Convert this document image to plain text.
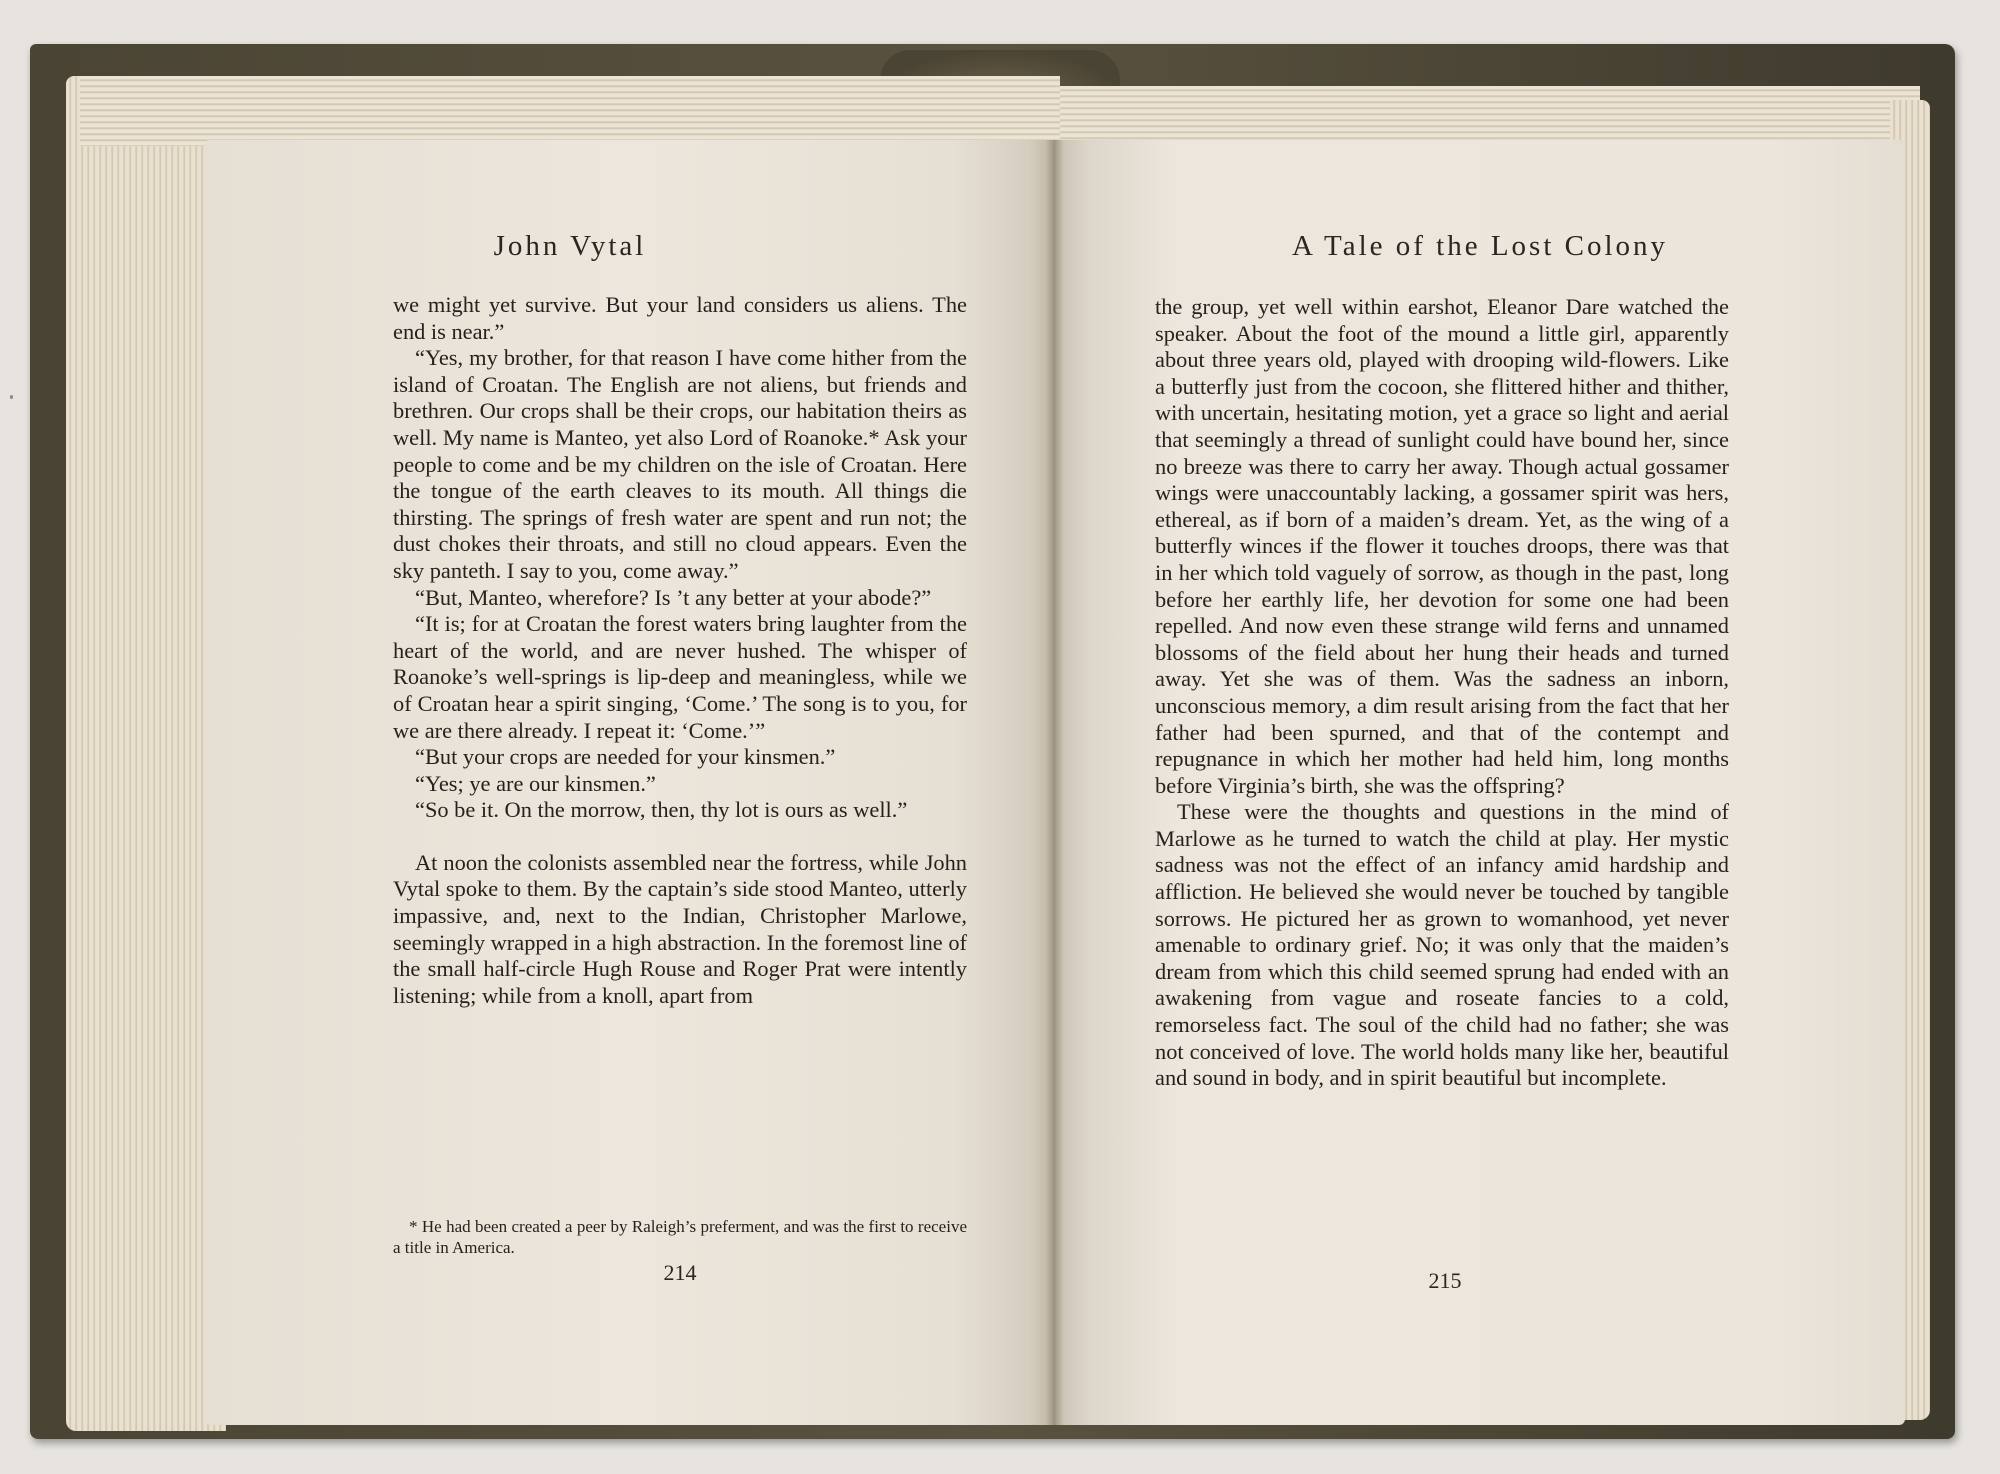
John Vytal

we might yet survive. But your land considers us aliens. The end is near.”

“Yes, my brother, for that reason I have come hither from the island of Croatan. The English are not aliens, but friends and brethren. Our crops shall be their crops, our habitation theirs as well. My name is Manteo, yet also Lord of Roanoke.* Ask your people to come and be my children on the isle of Croatan. Here the tongue of the earth cleaves to its mouth. All things die thirsting. The springs of fresh water are spent and run not; the dust chokes their throats, and still no cloud appears. Even the sky panteth. I say to you, come away.”

“But, Manteo, wherefore? Is ’t any better at your abode?”

“It is; for at Croatan the forest waters bring laughter from the heart of the world, and are never hushed. The whisper of Roanoke’s well-springs is lip-deep and meaningless, while we of Croatan hear a spirit singing, ‘Come.’ The song is to you, for we are there already. I repeat it: ‘Come.’”

“But your crops are needed for your kinsmen.”

“Yes; ye are our kinsmen.”

“So be it. On the morrow, then, thy lot is ours as well.”

At noon the colonists assembled near the fortress, while John Vytal spoke to them. By the captain’s side stood Manteo, utterly impassive, and, next to the Indian, Christopher Marlowe, seemingly wrapped in a high abstraction. In the foremost line of the small half-circle Hugh Rouse and Roger Prat were intently listening; while from a knoll, apart from

* He had been created a peer by Raleigh’s preferment, and was the first to receive a title in America.
214
A Tale of the Lost Colony

the group, yet well within earshot, Eleanor Dare watched the speaker. About the foot of the mound a little girl, apparently about three years old, played with drooping wild-flowers. Like a butterfly just from the cocoon, she flittered hither and thither, with uncertain, hesitating motion, yet a grace so light and aerial that seemingly a thread of sunlight could have bound her, since no breeze was there to carry her away. Though actual gossamer wings were unaccountably lacking, a gossamer spirit was hers, ethereal, as if born of a maiden’s dream. Yet, as the wing of a butterfly winces if the flower it touches droops, there was that in her which told vaguely of sorrow, as though in the past, long before her earthly life, her devotion for some one had been repelled. And now even these strange wild ferns and unnamed blossoms of the field about her hung their heads and turned away. Yet she was of them. Was the sadness an inborn, unconscious memory, a dim result arising from the fact that her father had been spurned, and that of the contempt and repugnance in which her mother had held him, long months before Virginia’s birth, she was the offspring?

These were the thoughts and questions in the mind of Marlowe as he turned to watch the child at play. Her mystic sadness was not the effect of an infancy amid hardship and affliction. He believed she would never be touched by tangible sorrows. He pictured her as grown to womanhood, yet never amenable to ordinary grief. No; it was only that the maiden’s dream from which this child seemed sprung had ended with an awakening from vague and roseate fancies to a cold, remorseless fact. The soul of the child had no father; she was not conceived of love. The world holds many like her, beautiful and sound in body, and in spirit beautiful but incomplete.

215
